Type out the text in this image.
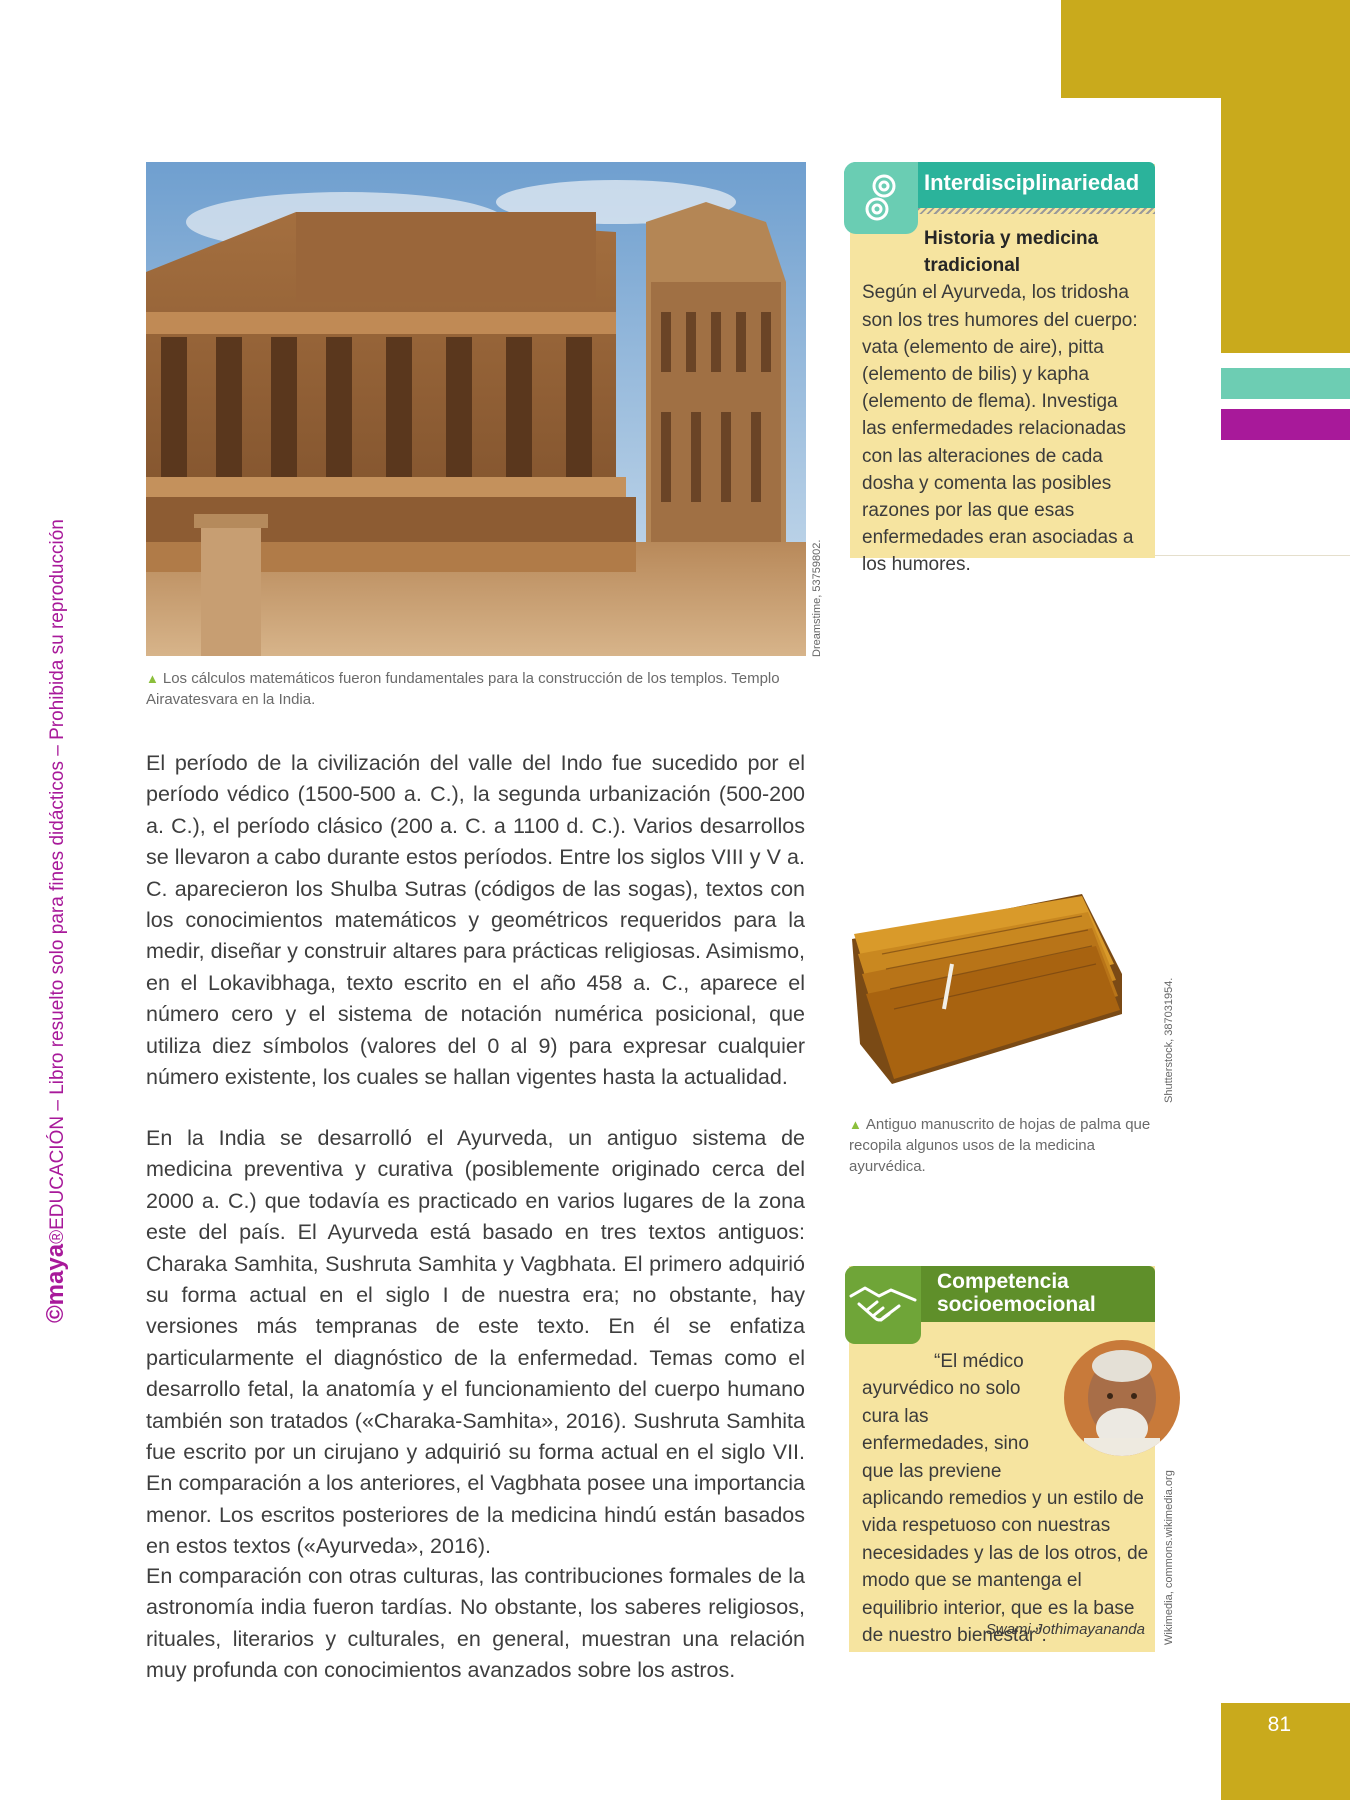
81
©maya®EDUCACIÓN – Libro resuelto solo para fines didácticos – Prohibida su reproducción	Dreamstime, 53759802.
▲ Los cálculos matemáticos fueron fundamentales para la construcción de los templos. Templo Airavatesvara en la India.

El período de la civilización del valle del Indo fue sucedido por el período védico (1500-500 a. C.), la segunda urbanización (500-200 a. C.), el período clásico (200 a. C. a 1100 d. C.). Varios desarrollos se llevaron a cabo durante estos períodos. Entre los siglos VIII y V a. C. aparecieron los Shulba Sutras (códigos de las sogas), textos con los conocimientos matemáticos y geométricos requeridos para la medir, diseñar y construir altares para prácticas religiosas. Asimismo, en el Lokavibhaga, texto escrito en el año 458 a. C., aparece el número cero y el sistema de notación numérica posicional, que utiliza diez símbolos (valores del 0 al 9) para expresar cualquier número existente, los cuales se hallan vigentes hasta la actualidad.

En la India se desarrolló el Ayurveda, un antiguo sistema de medicina preventiva y curativa (posiblemente originado cerca del 2000 a. C.) que todavía es practicado en varios lugares de la zona este del país. El Ayurveda está basado en tres textos antiguos: Charaka Samhita, Sushruta Samhita y Vagbhata. El primero adquirió su forma actual en el siglo I de nuestra era; no obstante, hay versiones más tempranas de este texto. En él se enfatiza particularmente el diagnóstico de la enfermedad. Temas como el desarrollo fetal, la anatomía y el funcionamiento del cuerpo humano también son tratados («Charaka-Samhita», 2016). Sushruta Samhita fue escrito por un cirujano y adquirió su forma actual en el siglo VII. En comparación a los anteriores, el Vagbhata posee una importancia menor. Los escritos posteriores de la medicina hindú están basados en estos textos («Ayurveda», 2016).

En comparación con otras culturas, las contribuciones formales de la astronomía india fueron tardías. No obstante, los saberes religiosos, rituales, literarios y culturales, en general, muestran una relación muy profunda con conocimientos avanzados sobre los astros.

Interdisciplinariedad
Historia y medicina tradicional
Según el Ayurveda, los tridosha son los tres humores del cuerpo: vata (elemento de aire), pitta (elemento de bilis) y kapha (elemento de flema). Investiga las enfermedades relacionadas con las alteraciones de cada dosha y comenta las posibles razones por las que esas enfermedades eran asociadas a los humores.
Shutterstock, 387031954.
▲ Antiguo manuscrito de hojas de palma que recopila algunos usos de la medicina ayurvédica.
Competencia
socioemocional
“El médico ayurvédico no solo cura las enfermedades, sino que las previene aplicando remedios y un estilo de vida respetuoso con nuestras necesidades y las de los otros, de modo que se mantenga el equilibrio interior, que es la base de nuestro bienestar”.
Swami Jothimayananda Wikimedia, commons.wikimedia.org
